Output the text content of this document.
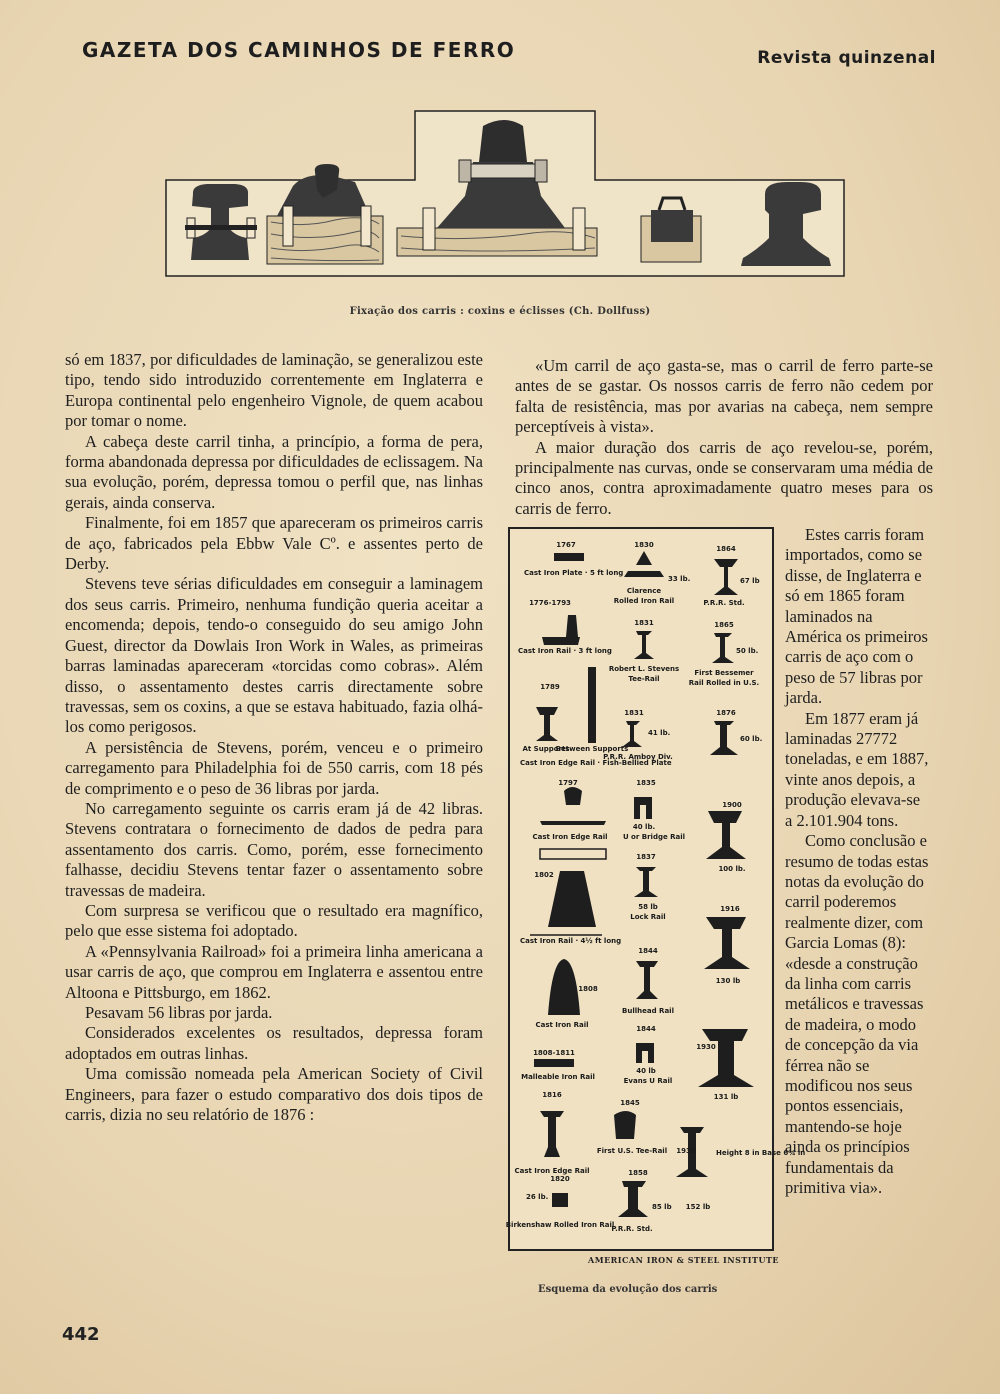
GAZETA DOS CAMINHOS DE FERRO	Revista quinzenal
Fixação dos carris : coxins e éclisses (Ch. Dollfuss)

só em 1837, por dificuldades de laminação, se generalizou este tipo, tendo sido introduzido correntemente em Inglaterra e Europa continental pelo engenheiro Vignole, de quem acabou por tomar o nome.

A cabeça deste carril tinha, a princípio, a forma de pera, forma abandonada depressa por dificuldades de eclissagem. Na sua evolução, porém, depressa tomou o perfil que, nas linhas gerais, ainda conserva.

Finalmente, foi em 1857 que apareceram os primeiros carris de aço, fabricados pela Ebbw Vale Cº. e assentes perto de Derby.

Stevens teve sérias dificuldades em conseguir a laminagem dos seus carris. Primeiro, nenhuma fundição queria aceitar a encomenda; depois, tendo-o conseguido do seu amigo John Guest, director da Dowlais Iron Work in Wales, as primeiras barras laminadas apareceram «torcidas como cobras». Além disso, o assentamento destes carris directamente sobre travessas, sem os coxins, a que se estava habituado, fazia olhá-los como perigosos.

A persistência de Stevens, porém, venceu e o primeiro carregamento para Philadelphia foi de 550 carris, com 18 pés de comprimento e o peso de 36 libras por jarda.

No carregamento seguinte os carris eram já de 42 libras. Stevens contratara o fornecimento de dados de pedra para assentamento dos carris. Como, porém, esse fornecimento falhasse, decidiu Stevens tentar fazer o assentamento sobre travessas de madeira.

Com surpresa se verificou que o resultado era magnífico, pelo que esse sistema foi adoptado.

A «Pennsylvania Railroad» foi a primeira linha americana a usar carris de aço, que comprou em Inglaterra e assentou entre Altoona e Pittsburgo, em 1862.

Pesavam 56 libras por jarda.

Considerados excelentes os resultados, depressa foram adoptados em outras linhas.

Uma comissão nomeada pela American Society of Civil Engineers, para fazer o estudo comparativo dos dois tipos de carris, dizia no seu relatório de 1876 :

«Um carril de aço gasta-se, mas o carril de ferro parte-se antes de se gastar. Os nossos carris de ferro não cedem por falta de resistência, mas por avarias na cabeça, nem sempre perceptíveis à vista».

A maior duração dos carris de aço revelou-se, porém, principalmente nas curvas, onde se conservaram uma média de cinco anos, contra aproximadamente quatro meses para os carris de ferro.

Estes carris foram importados, como se disse, de Inglaterra e só em 1865 foram laminados na América os primeiros carris de aço com o peso de 57 libras por jarda.

Em 1877 eram já laminadas 27772 toneladas, e em 1887, vinte anos depois, a produção elevava-se a 2.101.904 tons.

Como conclusão e resumo de todas estas notas da evolução do carril poderemos realmente dizer, com Garcia Lomas (8): «desde a construção da linha com carris metálicos e travessas de madeira, o modo de concepção da via férrea não se modificou nos seus pontos essenciais, mantendo-se hoje ainda os princípios fundamentais da primitiva via».

1767
Cast Iron Plate · 5 ft long
1830
33 lb.
Clarence
Rolled Iron Rail
1864
67 lb
P.R.R. Std.
1776-1793
Cast Iron Rail · 3 ft long
1831
Robert L. Stevens
Tee-Rail
1865
50 lb.
First Bessemer
Rail Rolled in U.S.
1789
At Supports
Between Supports
Cast Iron Edge Rail · Fish-Bellied Plate
1831
41 lb.
P.R.R. Amboy Div.
1876
60 lb.
1797
Cast Iron Edge Rail
1835
40 lb.
U or Bridge Rail
1900
100 lb.
1802
Cast Iron Rail · 4½ ft long
1837
58 lb
Lock Rail
1916
130 lb
1844
Bullhead Rail
1808
Cast Iron Rail
1930
131 lb
1808-1811
Malleable Iron Rail
1844
40 lb
Evans U Rail
1816
Cast Iron Edge Rail
1845
First U.S. Tee-Rail 1930	Height 8 in Base 6¾ in
152 lb
1820
26 lb.
Birkenshaw Rolled Iron Rail
1858
85 lb
P.R.R. Std.
AMERICAN IRON & STEEL INSTITUTE
Esquema da evolução dos carris
442
